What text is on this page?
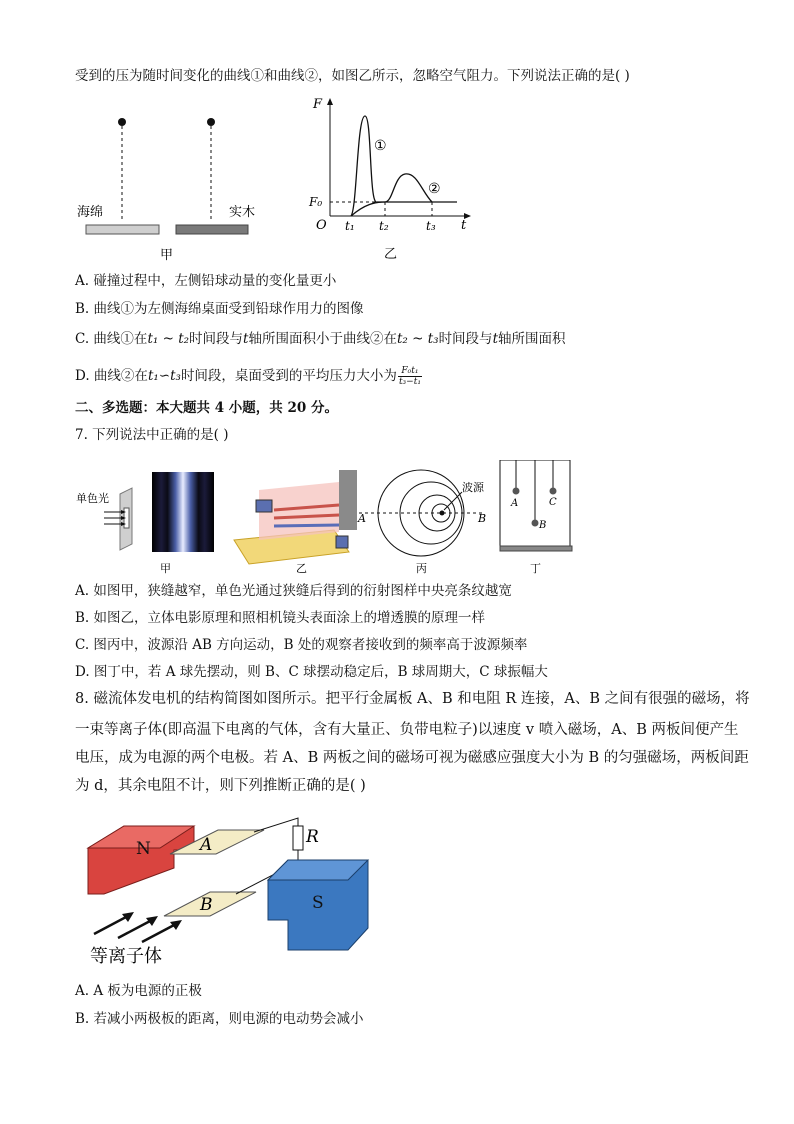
受到的压为随时间变化的曲线①和曲线②，如图乙所示，忽略空气阻力。下列说法正确的是( )
海绵	实木
甲
F
O	t
F₀
①
②
t₁ t₂	t₃
乙
A. 碰撞过程中，左侧铅球动量的变化量更小
B. 曲线①为左侧海绵桌面受到铅球作用力的图像
C. 曲线①在t₁ ~ t₂时间段与t轴所围面积小于曲线②在t₂ ~ t₃时间段与t轴所围面积
D. 曲线②在t₁∽t₃时间段，桌面受到的平均压力大小为 $\frac{\text{F₀t₁}}{\text{t₃−t₁}}$
二、多选题：本大题共 4 小题，共 20 分。
7. 下列说法中正确的是( )
单色光
甲	乙
波源
A	B
丙
A
B
C
丁
A. 如图甲，狭缝越窄，单色光通过狭缝后得到的衍射图样中央亮条纹越宽
B. 如图乙，立体电影原理和照相机镜头表面涂上的增透膜的原理一样
C. 图丙中，波源沿 AB 方向运动，B 处的观察者接收到的频率高于波源频率
D. 图丁中，若 A 球先摆动，则 B、C 球摆动稳定后，B 球周期大，C 球振幅大
8. 磁流体发电机的结构简图如图所示。把平行金属板 A、B 和电阻 R 连接，A、B 之间有很强的磁场，将
一束等离子体(即高温下电离的气体，含有大量正、负带电粒子)以速度 v 喷入磁场，A、B 两板间便产生
电压，成为电源的两个电极。若 A、B 两板之间的磁场可视为磁感应强度大小为 B 的匀强磁场，两板间距
为 d，其余电阻不计，则下列推断正确的是( )
N	A
B
R
S
等离子体
A. A 板为电源的正极
B. 若减小两极板的距离，则电源的电动势会减小
